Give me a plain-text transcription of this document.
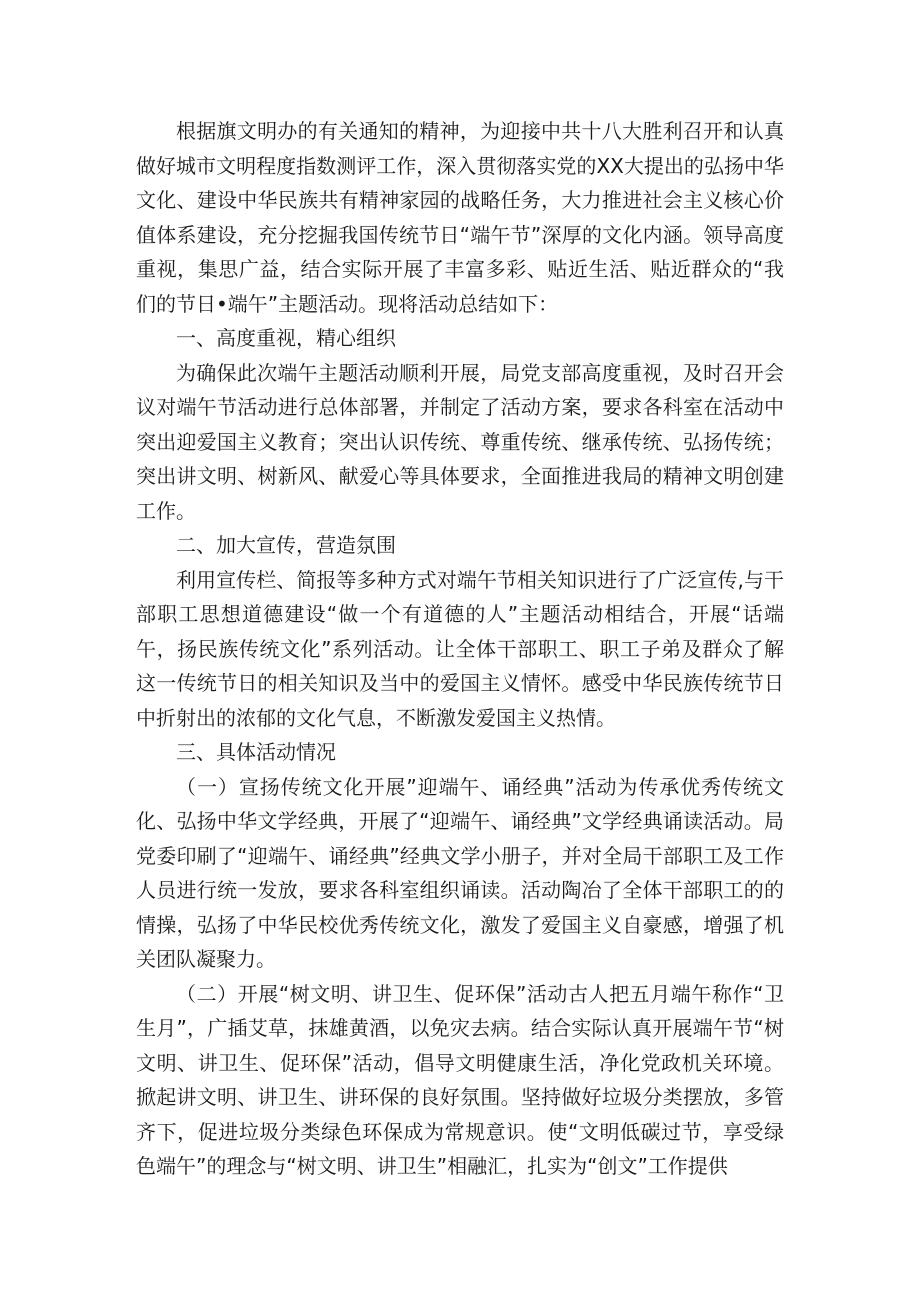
根据旗文明办的有关通知的精神，为迎接中共十八大胜利召开和认真做好城市文明程度指数测评工作，深入贯彻落实党的XX大提出的弘扬中华文化、建设中华民族共有精神家园的战略任务，大力推进社会主义核心价值体系建设，充分挖掘我国传统节日“端午节”深厚的文化内涵。领导高度重视，集思广益，结合实际开展了丰富多彩、贴近生活、贴近群众的“我们的节日•端午”主题活动。现将活动总结如下：

一、高度重视，精心组织

为确保此次端午主题活动顺利开展，局党支部高度重视，及时召开会议对端午节活动进行总体部署，并制定了活动方案，要求各科室在活动中突出迎爱国主义教育；突出认识传统、尊重传统、继承传统、弘扬传统；突出讲文明、树新风、献爱心等具体要求，全面推进我局的精神文明创建工作。

二、加大宣传，营造氛围

利用宣传栏、简报等多种方式对端午节相关知识进行了广泛宣传,与干部职工思想道德建设“做一个有道德的人”主题活动相结合，开展“话端午，扬民族传统文化”系列活动。让全体干部职工、职工子弟及群众了解这一传统节日的相关知识及当中的爱国主义情怀。感受中华民族传统节日中折射出的浓郁的文化气息，不断激发爱国主义热情。

三、具体活动情况

（一）宣扬传统文化开展”迎端午、诵经典”活动为传承优秀传统文化、弘扬中华文学经典，开展了“迎端午、诵经典”文学经典诵读活动。局党委印刷了“迎端午、诵经典”经典文学小册子，并对全局干部职工及工作人员进行统一发放，要求各科室组织诵读。活动陶冶了全体干部职工的的情操，弘扬了中华民校优秀传统文化，激发了爱国主义自豪感，增强了机关团队凝聚力。

（二）开展“树文明、讲卫生、促环保”活动古人把五月端午称作“卫生月”，广插艾草，抹雄黄酒，以免灾去病。结合实际认真开展端午节“树文明、讲卫生、促环保”活动，倡导文明健康生活，净化党政机关环境。掀起讲文明、讲卫生、讲环保的良好氛围。坚持做好垃圾分类摆放，多管齐下，促进垃圾分类绿色环保成为常规意识。使“文明低碳过节，享受绿色端午”的理念与“树文明、讲卫生”相融汇，扎实为“创文”工作提供
